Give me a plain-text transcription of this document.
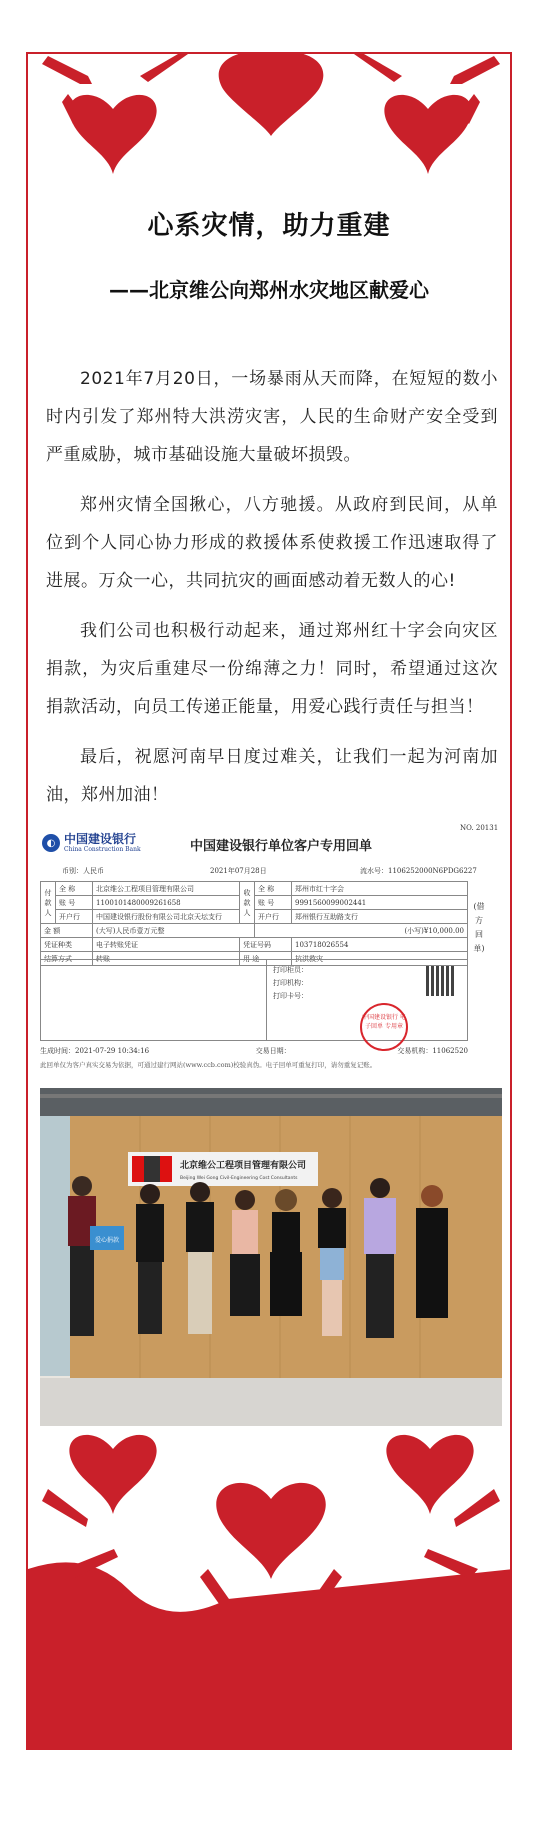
心系灾情，助力重建
——北京维公向郑州水灾地区献爱心

2021年7月20日，一场暴雨从天而降，在短短的数小时内引发了郑州特大洪涝灾害，人民的生命财产安全受到严重威胁，城市基础设施大量破坏损毁。

郑州灾情全国揪心，八方驰援。从政府到民间，从单位到个人同心协力形成的救援体系使救援工作迅速取得了进展。万众一心，共同抗灾的画面感动着无数人的心!

我们公司也积极行动起来，通过郑州红十字会向灾区捐款，为灾后重建尽一份绵薄之力！同时，希望通过这次捐款活动，向员工传递正能量，用爱心践行责任与担当！

最后，祝愿河南早日度过难关，让我们一起为河南加油，郑州加油！

◐ 中国建设银行
China Construction Bank	中国建设银行单位客户专用回单
NO. 20131
币别：人民币	2021年07月28日	流水号：1106252000N6PDG6227
付款人	全 称	北京维公工程项目管理有限公司	收款人	全 称	郑州市红十字会
	账 号	1100101480009261658		账 号	9991560099002441
	开户行	中国建设银行股份有限公司北京天坛支行		开户行	郑州银行互助路支行
金 额		(大写)人民币壹万元整		(小写)¥10,000.00	
凭证种类		电子转账凭证	凭证号码		103718026554
结算方式		转账	用 途		抗洪救灾
(借方回单)
打印柜员：
打印机构：
打印卡号：
中国建设银行 电子回单 专用章
生成时间：2021-07-29 10:34:16	交易日期：	交易机构：11062520
此回单仅为客户真实交易为依据，可通过建行网站(www.ccb.com)校验真伪。电子回单可重复打印，请勿重复记账。
北京维公工程项目管理有限公司
Beijing Wei Gong Civil-Engineering Cost Consultants
爱心捐款
